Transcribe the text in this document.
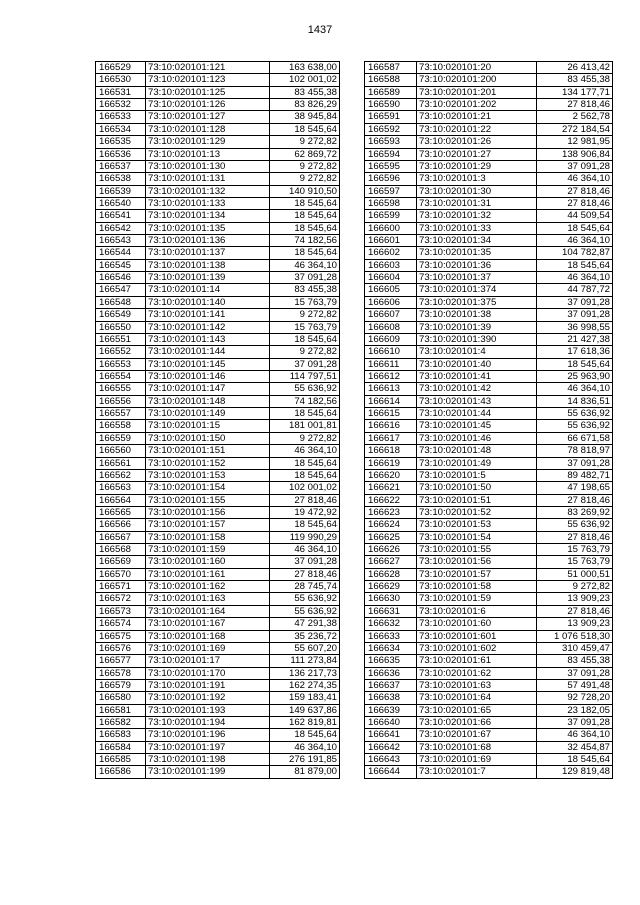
1437
166529	73:10:020101:121	163 638,00
166530	73:10:020101:123	102 001,02
166531	73:10:020101:125	83 455,38
166532	73:10:020101:126	83 826,29
166533	73:10:020101:127	38 945,84
166534	73:10:020101:128	18 545,64
166535	73:10:020101:129	9 272,82
166536	73:10:020101:13	62 869,72
166537	73:10:020101:130	9 272,82
166538	73:10:020101:131	9 272,82
166539	73:10:020101:132	140 910,50
166540	73:10:020101:133	18 545,64
166541	73:10:020101:134	18 545,64
166542	73:10:020101:135	18 545,64
166543	73:10:020101:136	74 182,56
166544	73:10:020101:137	18 545,64
166545	73:10:020101:138	46 364,10
166546	73:10:020101:139	37 091,28
166547	73:10:020101:14	83 455,38
166548	73:10:020101:140	15 763,79
166549	73:10:020101:141	9 272,82
166550	73:10:020101:142	15 763,79
166551	73:10:020101:143	18 545,64
166552	73:10:020101:144	9 272,82
166553	73:10:020101:145	37 091,28
166554	73:10:020101:146	114 797,51
166555	73:10:020101:147	55 636,92
166556	73:10:020101:148	74 182,56
166557	73:10:020101:149	18 545,64
166558	73:10:020101:15	181 001,81
166559	73:10:020101:150	9 272,82
166560	73:10:020101:151	46 364,10
166561	73:10:020101:152	18 545,64
166562	73:10:020101:153	18 545,64
166563	73:10:020101:154	102 001,02
166564	73:10:020101:155	27 818,46
166565	73:10:020101:156	19 472,92
166566	73:10:020101:157	18 545,64
166567	73:10:020101:158	119 990,29
166568	73:10:020101:159	46 364,10
166569	73:10:020101:160	37 091,28
166570	73:10:020101:161	27 818,46
166571	73:10:020101:162	28 745,74
166572	73:10:020101:163	55 636,92
166573	73:10:020101:164	55 636,92
166574	73:10:020101:167	47 291,38
166575	73:10:020101:168	35 236,72
166576	73:10:020101:169	55 607,20
166577	73:10:020101:17	111 273,84
166578	73:10:020101:170	136 217,73
166579	73:10:020101:191	162 274,35
166580	73:10:020101:192	159 183,41
166581	73:10:020101:193	149 637,86
166582	73:10:020101:194	162 819,81
166583	73:10:020101:196	18 545,64
166584	73:10:020101:197	46 364,10
166585	73:10:020101:198	276 191,85
166586	73:10:020101:199	81 879,00
166587	73:10:020101:20	26 413,42
166588	73:10:020101:200	83 455,38
166589	73:10:020101:201	134 177,71
166590	73:10:020101:202	27 818,46
166591	73:10:020101:21	2 562,78
166592	73:10:020101:22	272 184,54
166593	73:10:020101:26	12 981,95
166594	73:10:020101:27	138 906,84
166595	73:10:020101:29	37 091,28
166596	73:10:020101:3	46 364,10
166597	73:10:020101:30	27 818,46
166598	73:10:020101:31	27 818,46
166599	73:10:020101:32	44 509,54
166600	73:10:020101:33	18 545,64
166601	73:10:020101:34	46 364,10
166602	73:10:020101:35	104 782,87
166603	73:10:020101:36	18 545,64
166604	73:10:020101:37	46 364,10
166605	73:10:020101:374	44 787,72
166606	73:10:020101:375	37 091,28
166607	73:10:020101:38	37 091,28
166608	73:10:020101:39	36 998,55
166609	73:10:020101:390	21 427,38
166610	73:10:020101:4	17 618,36
166611	73:10:020101:40	18 545,64
166612	73:10:020101:41	25 963,90
166613	73:10:020101:42	46 364,10
166614	73:10:020101:43	14 836,51
166615	73:10:020101:44	55 636,92
166616	73:10:020101:45	55 636,92
166617	73:10:020101:46	66 671,58
166618	73:10:020101:48	78 818,97
166619	73:10:020101:49	37 091,28
166620	73:10:020101:5	89 482,71
166621	73:10:020101:50	47 198,65
166622	73:10:020101:51	27 818,46
166623	73:10:020101:52	83 269,92
166624	73:10:020101:53	55 636,92
166625	73:10:020101:54	27 818,46
166626	73:10:020101:55	15 763,79
166627	73:10:020101:56	15 763,79
166628	73:10:020101:57	51 000,51
166629	73:10:020101:58	9 272,82
166630	73:10:020101:59	13 909,23
166631	73:10:020101:6	27 818,46
166632	73:10:020101:60	13 909,23
166633	73:10:020101:601	1 076 518,30
166634	73:10:020101:602	310 459,47
166635	73:10:020101:61	83 455,38
166636	73:10:020101:62	37 091,28
166637	73:10:020101:63	57 491,48
166638	73:10:020101:64	92 728,20
166639	73:10:020101:65	23 182,05
166640	73:10:020101:66	37 091,28
166641	73:10:020101:67	46 364,10
166642	73:10:020101:68	32 454,87
166643	73:10:020101:69	18 545,64
166644	73:10:020101:7	129 819,48
